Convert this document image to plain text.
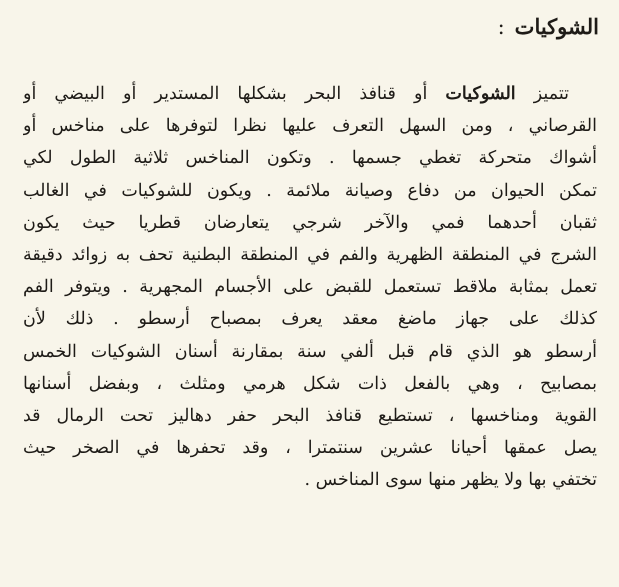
الشوكيات:
تتميز الشوكيات أو قنافذ البحر بشكلها المستدير أو البيضي أو
القرصاني ، ومن السهل التعرف عليها نظرا لتوفرها على مناخس أو
أشواك متحركة تغطي جسمها . وتكون المناخس ثلاثية الطول لكي
تمكن الحيوان من دفاع وصيانة ملائمة . ويكون للشوكيات في الغالب
ثقبان أحدهما فمي والآخر شرجي يتعارضان قطريا حيث يكون
الشرج في المنطقة الظهرية والفم في المنطقة البطنية تحف به زوائد دقيقة
تعمل بمثابة ملاقط تستعمل للقبض على الأجسام المجهرية . ويتوفر الفم
كذلك على جهاز ماضغ معقد يعرف بمصباح أرسطو . ذلك لأن
أرسطو هو الذي قام قبل ألفي سنة بمقارنة أسنان الشوكيات الخمس
بمصابيح ، وهي بالفعل ذات شكل هرمي ومثلث ، وبفضل أسنانها
القوية ومناخسها ، تستطيع قنافذ البحر حفر دهاليز تحت الرمال قد
يصل عمقها أحيانا عشرين سنتمترا ، وقد تحفرها في الصخر حيث
تختفي بها ولا يظهر منها سوى المناخس .
